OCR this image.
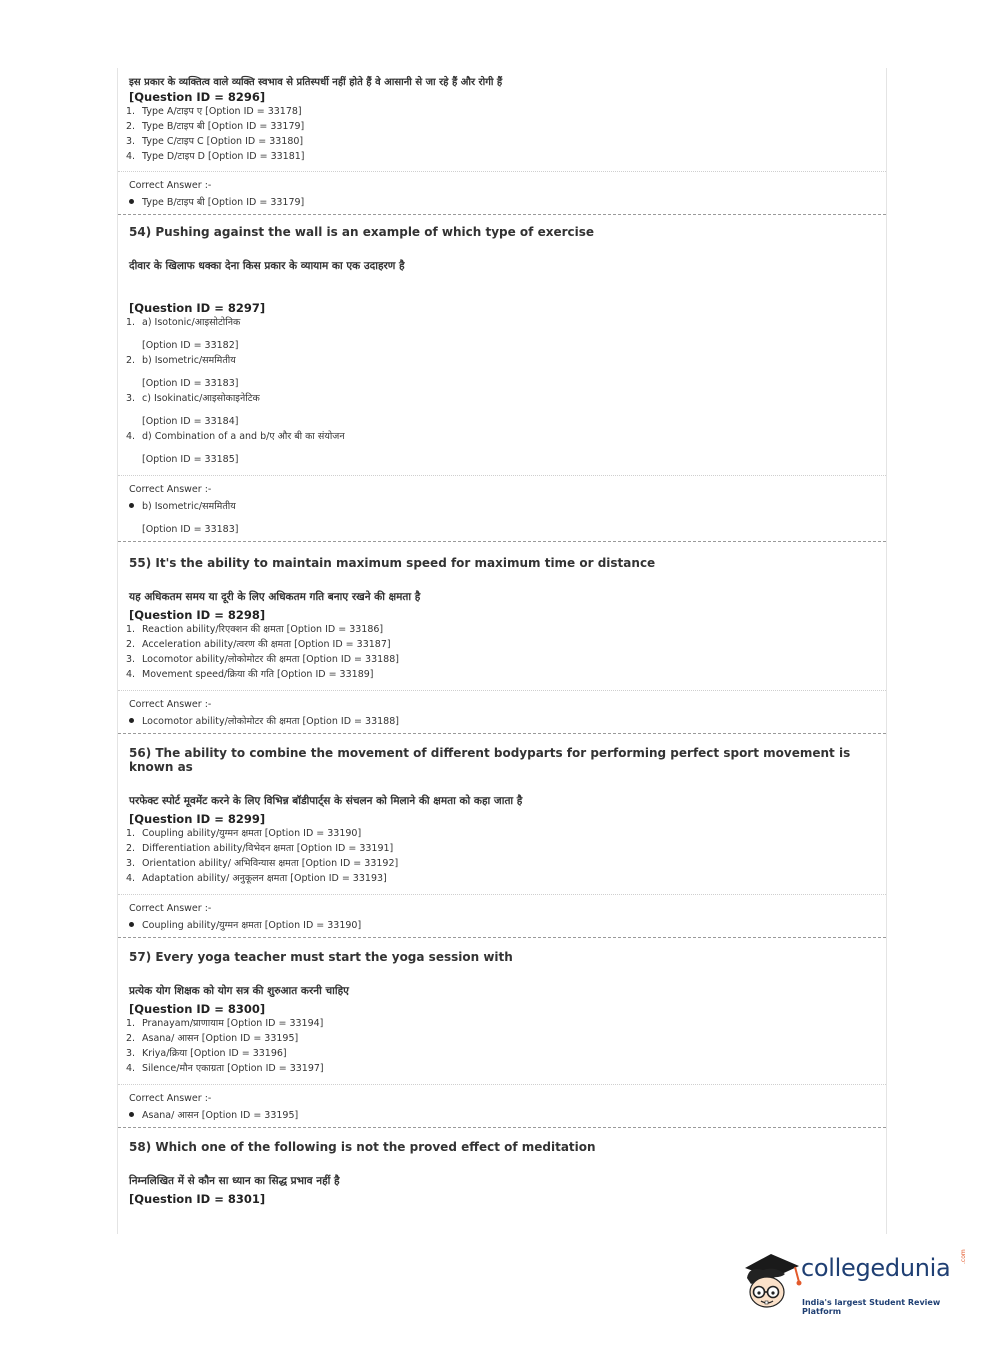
इस प्रकार के व्यक्तित्व वाले व्यक्ति स्वभाव से प्रतिस्पर्धी नहीं होते हैं वे आसानी से जा रहे हैं और रोगी हैं

[Question ID = 8296]

1. Type A/टाइप ए [Option ID = 33178]
2. Type B/टाइप बी [Option ID = 33179]
3. Type C/टाइप C [Option ID = 33180]
4. Type D/टाइप D [Option ID = 33181]
Correct Answer :-
Type B/टाइप बी [Option ID = 33179]

54) Pushing against the wall is an example of which type of exercise

दीवार के खिलाफ धक्का देना किस प्रकार के व्यायाम का एक उदाहरण है

[Question ID = 8297]

1. a) Isotonic/आइसोटोनिक
[Option ID = 33182]
2. b) Isometric/सममितीय
[Option ID = 33183]
3. c) Isokinatic/आइसोकाइनेटिक
[Option ID = 33184]
4. d) Combination of a and b/ए और बी का संयोजन
[Option ID = 33185]
Correct Answer :-
b) Isometric/सममितीय
[Option ID = 33183]

55) It's the ability to maintain maximum speed for maximum time or distance

यह अधिकतम समय या दूरी के लिए अधिकतम गति बनाए रखने की क्षमता है

[Question ID = 8298]

1. Reaction ability/रिएक्शन की क्षमता [Option ID = 33186]
2. Acceleration ability/त्वरण की क्षमता [Option ID = 33187]
3. Locomotor ability/लोकोमोटर की क्षमता [Option ID = 33188]
4. Movement speed/क्रिया की गति [Option ID = 33189]
Correct Answer :-
Locomotor ability/लोकोमोटर की क्षमता [Option ID = 33188]

56) The ability to combine the movement of different bodyparts for performing perfect sport movement is known as

परफेक्ट स्पोर्ट मूवमेंट करने के लिए विभिन्न बॉडीपार्ट्स के संचलन को मिलाने की क्षमता को कहा जाता है

[Question ID = 8299]

1. Coupling ability/युग्मन क्षमता [Option ID = 33190]
2. Differentiation ability/विभेदन क्षमता [Option ID = 33191]
3. Orientation ability/ अभिविन्यास क्षमता [Option ID = 33192]
4. Adaptation ability/ अनुकूलन क्षमता [Option ID = 33193]
Correct Answer :-
Coupling ability/युग्मन क्षमता [Option ID = 33190]

57) Every yoga teacher must start the yoga session with

प्रत्येक योग शिक्षक को योग सत्र की शुरुआत करनी चाहिए

[Question ID = 8300]

1. Pranayam/प्राणायाम [Option ID = 33194]
2. Asana/ आसन [Option ID = 33195]
3. Kriya/क्रिया [Option ID = 33196]
4. Silence/मौन एकाग्रता [Option ID = 33197]
Correct Answer :-
Asana/ आसन [Option ID = 33195]

58) Which one of the following is not the proved effect of meditation

निम्नलिखित में से कौन सा ध्यान का सिद्ध प्रभाव नहीं है

[Question ID = 8301]

collegedunia .com
India's largest Student Review Platform
